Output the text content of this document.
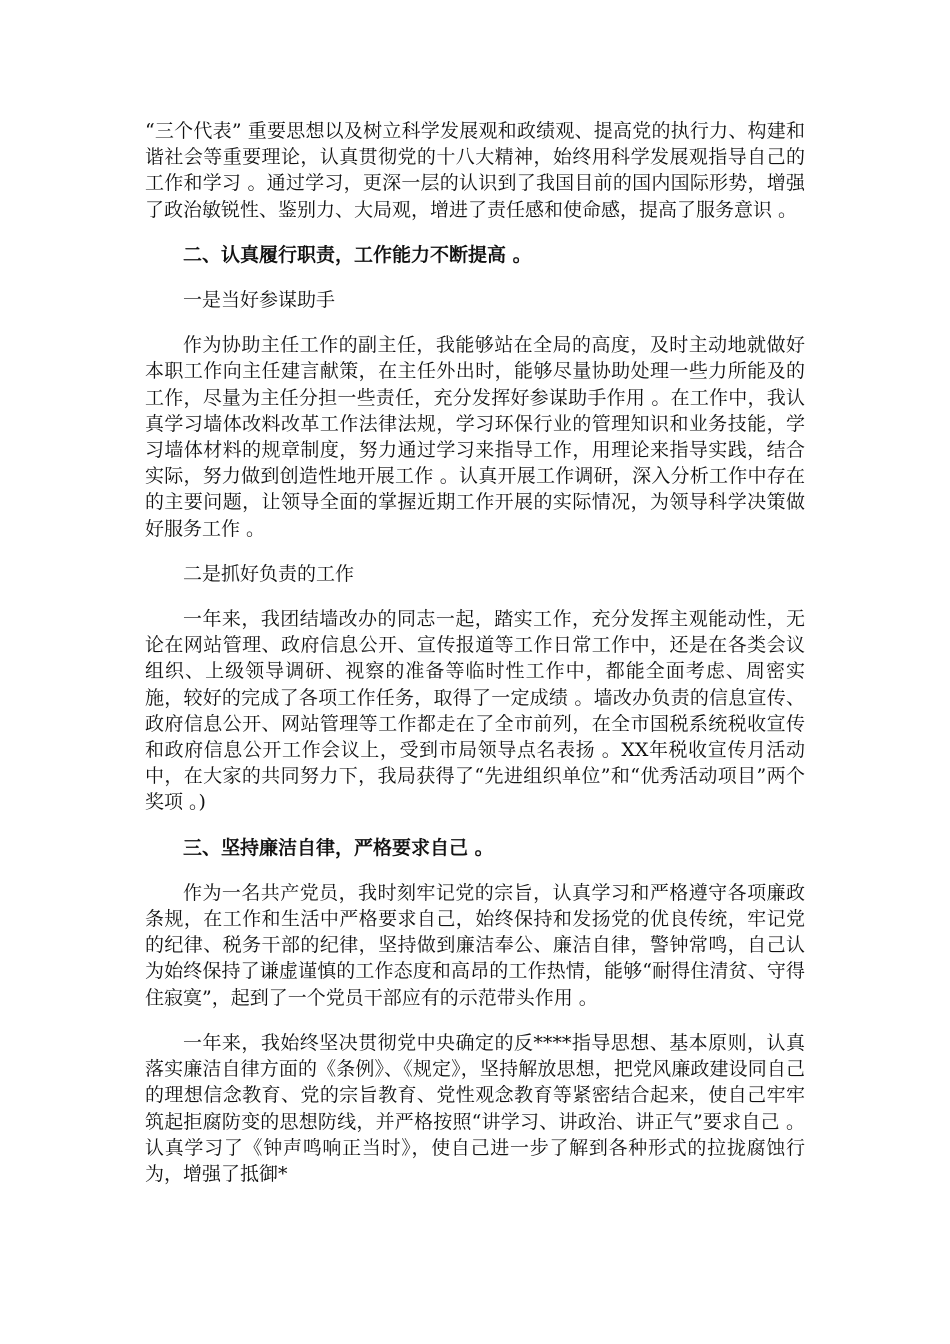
“三个代表” 重要思想以及树立科学发展观和政绩观、提高党的执行力、构建和谐社会等重要理论，认真贯彻党的十八大精神，始终用科学发展观指导自己的工作和学习 。通过学习，更深一层的认识到了我国目前的国内国际形势，增强了政治敏锐性、鉴别力、大局观，增进了责任感和使命感，提高了服务意识 。

二、认真履行职责，工作能力不断提高 。

一是当好参谋助手

作为协助主任工作的副主任，我能够站在全局的高度，及时主动地就做好本职工作向主任建言献策，在主任外出时，能够尽量协助处理一些力所能及的工作，尽量为主任分担一些责任，充分发挥好参谋助手作用 。在工作中，我认真学习墙体改料改革工作法律法规，学习环保行业的管理知识和业务技能，学习墙体材料的规章制度，努力通过学习来指导工作，用理论来指导实践，结合实际，努力做到创造性地开展工作 。认真开展工作调研，深入分析工作中存在的主要问题，让领导全面的掌握近期工作开展的实际情况，为领导科学决策做好服务工作 。

二是抓好负责的工作

一年来，我团结墙改办的同志一起，踏实工作，充分发挥主观能动性，无论在网站管理、政府信息公开、宣传报道等工作日常工作中，还是在各类会议组织、上级领导调研、视察的准备等临时性工作中，都能全面考虑、周密实施，较好的完成了各项工作任务，取得了一定成绩 。墙改办负责的信息宣传、政府信息公开、网站管理等工作都走在了全市前列，在全市国税系统税收宣传和政府信息公开工作会议上，受到市局领导点名表扬 。XX年税收宣传月活动中，在大家的共同努力下，我局获得了“先进组织单位”和“优秀活动项目”两个奖项 。)

三、坚持廉洁自律，严格要求自己 。

作为一名共产党员，我时刻牢记党的宗旨，认真学习和严格遵守各项廉政条规，在工作和生活中严格要求自己，始终保持和发扬党的优良传统，牢记党的纪律、税务干部的纪律，坚持做到廉洁奉公、廉洁自律，警钟常鸣，自己认为始终保持了谦虚谨慎的工作态度和高昂的工作热情，能够“耐得住清贫、守得住寂寞”，起到了一个党员干部应有的示范带头作用 。

一年来，我始终坚决贯彻党中央确定的反****指导思想、基本原则，认真落实廉洁自律方面的《条例》、《规定》，坚持解放思想，把党风廉政建设同自己的理想信念教育、党的宗旨教育、党性观念教育等紧密结合起来，使自己牢牢筑起拒腐防变的思想防线，并严格按照“讲学习、讲政治、讲正气”要求自己 。认真学习了《钟声鸣响正当时》，使自己进一步了解到各种形式的拉拢腐蚀行为，增强了抵御*
